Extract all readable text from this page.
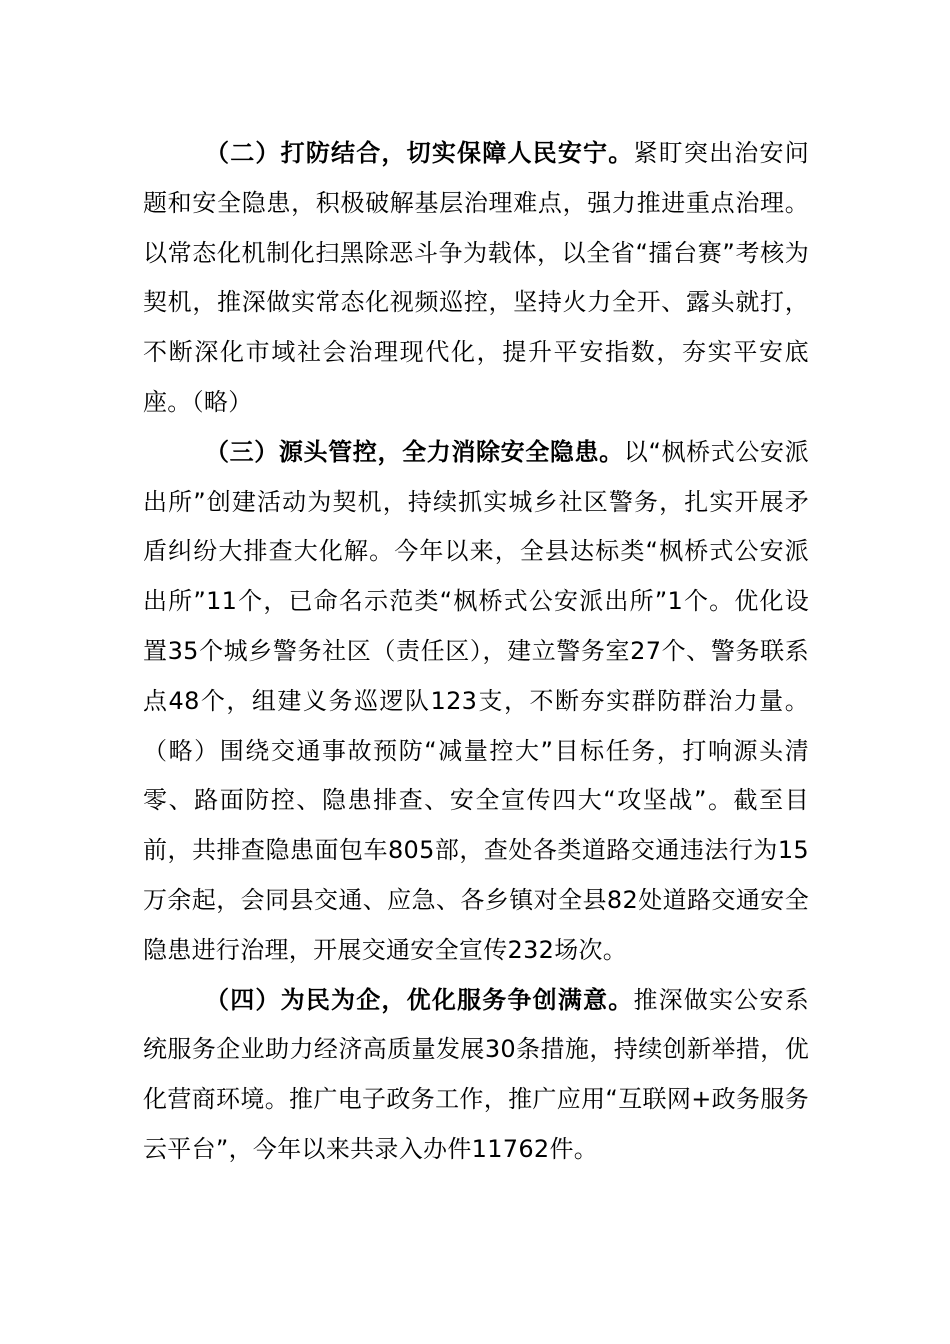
（二）打防结合，切实保障人民安宁。紧盯突出治安问题和安全隐患，积极破解基层治理难点，强力推进重点治理。以常态化机制化扫黑除恶斗争为载体，以全省“擂台赛”考核为契机，推深做实常态化视频巡控，坚持火力全开、露头就打，不断深化市域社会治理现代化，提升平安指数，夯实平安底座。（略）

（三）源头管控，全力消除安全隐患。以“枫桥式公安派出所”创建活动为契机，持续抓实城乡社区警务，扎实开展矛盾纠纷大排查大化解。今年以来，全县达标类“枫桥式公安派出所”11个，已命名示范类“枫桥式公安派出所”1个。优化设置35个城乡警务社区（责任区），建立警务室27个、警务联系点48个，组建义务巡逻队123支，不断夯实群防群治力量。（略）围绕交通事故预防“减量控大”目标任务，打响源头清零、路面防控、隐患排查、安全宣传四大“攻坚战”。截至目前，共排查隐患面包车805部，查处各类道路交通违法行为15万余起，会同县交通、应急、各乡镇对全县82处道路交通安全隐患进行治理，开展交通安全宣传232场次。

（四）为民为企，优化服务争创满意。推深做实公安系统服务企业助力经济高质量发展30条措施，持续创新举措，优化营商环境。推广电子政务工作，推广应用“互联网+政务服务云平台”，今年以来共录入办件11762件。
